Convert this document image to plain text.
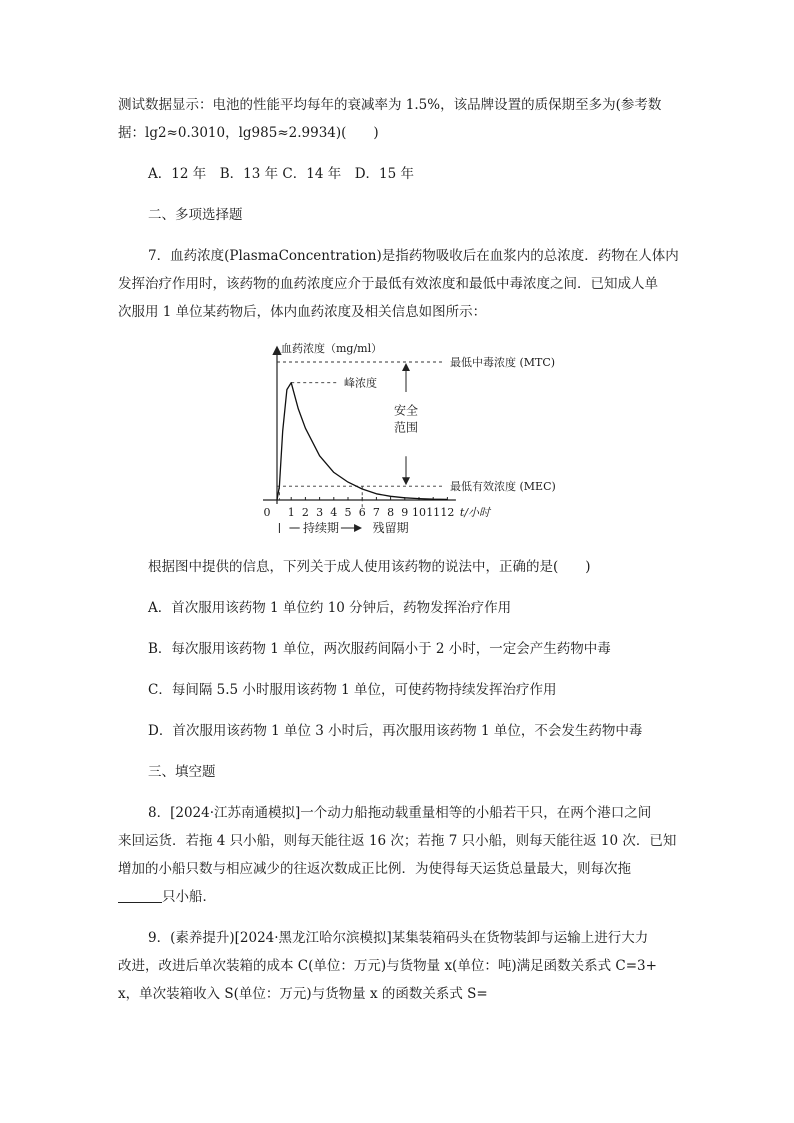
测试数据显示：电池的性能平均每年的衰减率为 1.5%，该品牌设置的质保期至多为(参考数
据：lg2≈0.3010，lg985≈2.9934)(　　)
A．12 年　B．13 年 C．14 年　D．15 年
二、多项选择题
7．血药浓度(PlasmaConcentration)是指药物吸收后在血浆内的总浓度．药物在人体内
发挥治疗作用时，该药物的血药浓度应介于最低有效浓度和最低中毒浓度之间．已知成人单
次服用 1 单位某药物后，体内血药浓度及相关信息如图所示：
血药浓度（mg/ml）
t/小时
0 1 2 3 4 5 6 7 8 9 10 11 12
最低中毒浓度 (MTC)
最低有效浓度 (MEC)
峰浓度
安全
范围
持续期	残留期
根据图中提供的信息，下列关于成人使用该药物的说法中，正确的是(　　)
A．首次服用该药物 1 单位约 10 分钟后，药物发挥治疗作用
B．每次服用该药物 1 单位，两次服药间隔小于 2 小时，一定会产生药物中毒
C．每间隔 5.5 小时服用该药物 1 单位，可使药物持续发挥治疗作用
D．首次服用该药物 1 单位 3 小时后，再次服用该药物 1 单位，不会发生药物中毒
三、填空题
8．[2024·江苏南通模拟]一个动力船拖动载重量相等的小船若干只，在两个港口之间
来回运货．若拖 4 只小船，则每天能往返 16 次；若拖 7 只小船，则每天能往返 10 次．已知
增加的小船只数与相应减少的往返次数成正比例．为使得每天运货总量最大，则每次拖
只小船．
9．(素养提升)[2024·黑龙江哈尔滨模拟]某集装箱码头在货物装卸与运输上进行大力
改进，改进后单次装箱的成本 C(单位：万元)与货物量 x(单位：吨)满足函数关系式 C=3+
x，单次装箱收入 S(单位：万元)与货物量 x 的函数关系式 S=
